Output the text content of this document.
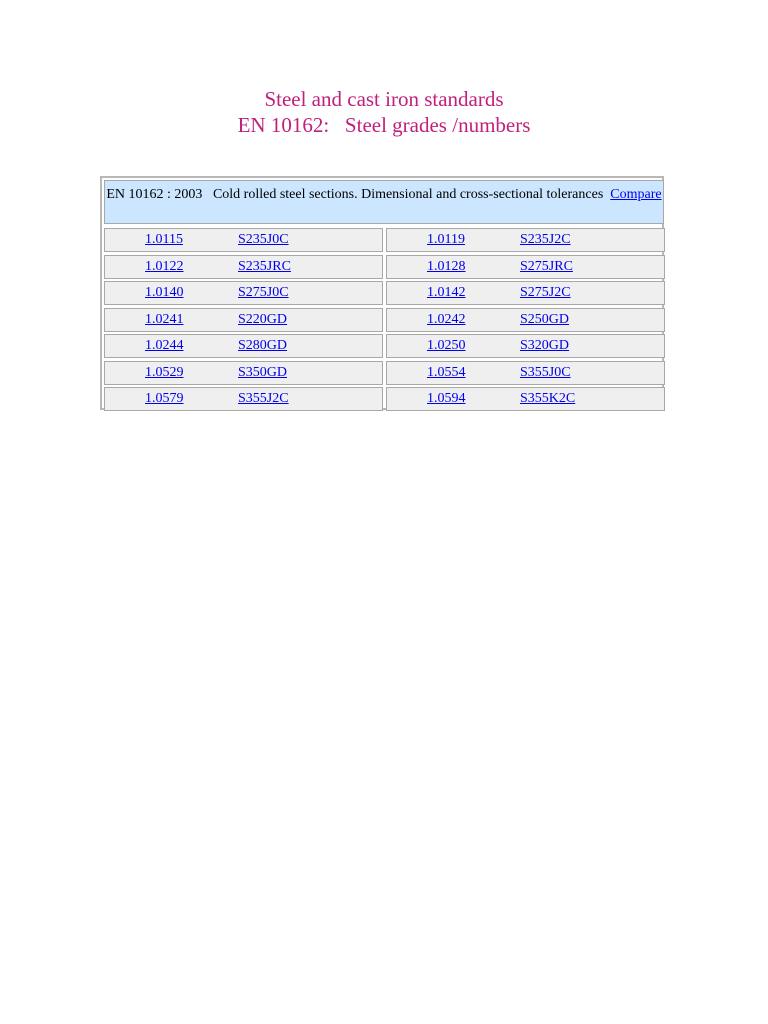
Steel and cast iron standards
EN 10162:   Steel grades /numbers
EN 10162 : 2003 Cold rolled steel sections. Dimensional and cross-sectional tolerances Compare
1.0115	S235J0C	1.0119	S235J2C
1.0122	S235JRC	1.0128	S275JRC
1.0140	S275J0C	1.0142	S275J2C
1.0241	S220GD	1.0242	S250GD
1.0244	S280GD	1.0250	S320GD
1.0529	S350GD	1.0554	S355J0C
1.0579	S355J2C	1.0594	S355K2C
